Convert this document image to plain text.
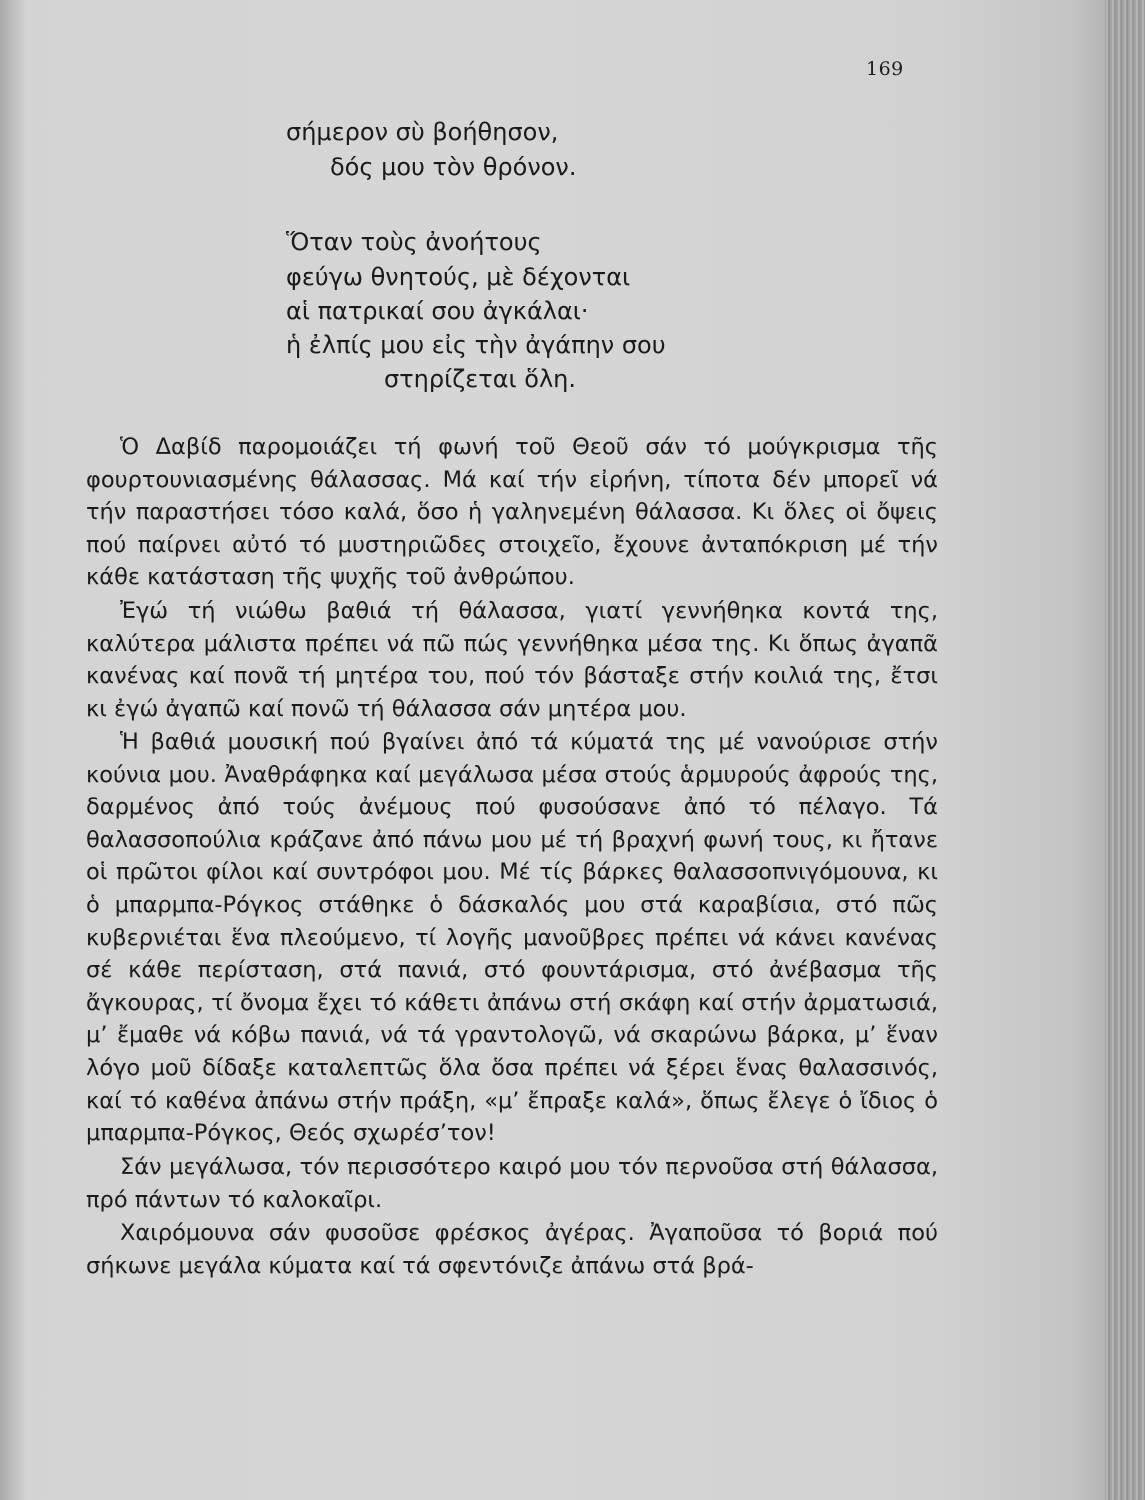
169
σήμερον σὺ βοήθησον,
δός μου τὸν θρόνον.
Ὅταν τοὺς ἀνοήτους
φεύγω θνητούς, μὲ δέχονται
αἱ πατρικαί σου ἀγκάλαι·
ἡ ἐλπίς μου εἰς τὴν ἀγάπην σου
στηρίζεται ὅλη.

Ὁ Δαβίδ παρομοιάζει τή φωνή τοῦ Θεοῦ σάν τό μούγκρισμα τῆς φουρτουνιασμένης θάλασσας. Μά καί τήν εἰρήνη, τίποτα δέν μπορεῖ νά τήν παραστήσει τόσο καλά, ὅσο ἡ γαληνεμένη θάλασσα. Κι ὅλες οἱ ὄψεις πού παίρνει αὐτό τό μυστηριῶδες στοιχεῖο, ἔχουνε ἀνταπόκριση μέ τήν κάθε κατάσταση τῆς ψυχῆς τοῦ ἀνθρώπου.

Ἐγώ τή νιώθω βαθιά τή θάλασσα, γιατί γεννήθηκα κοντά της, καλύτερα μάλιστα πρέπει νά πῶ πώς γεννήθηκα μέσα της. Κι ὅπως ἀγαπᾶ κανένας καί πονᾶ τή μητέρα του, πού τόν βάσταξε στήν κοιλιά της, ἔτσι κι ἐγώ ἀγαπῶ καί πονῶ τή θάλασσα σάν μητέρα μου.

Ἡ βαθιά μουσική πού βγαίνει ἀπό τά κύματά της μέ νανούρισε στήν κούνια μου. Ἀναθράφηκα καί μεγάλωσα μέσα στούς ἁρμυρούς ἀφρούς της, δαρμένος ἀπό τούς ἀνέμους πού φυσούσανε ἀπό τό πέλαγο. Τά θαλασσοπούλια κράζανε ἀπό πάνω μου μέ τή βραχνή φωνή τους, κι ἤτανε οἱ πρῶτοι φίλοι καί συντρόφοι μου. Μέ τίς βάρκες θαλασσοπνιγόμουνα, κι ὁ μπαρμπα-Ρόγκος στάθηκε ὁ δάσκαλός μου στά καραβίσια, στό πῶς κυβερνιέται ἕνα πλεούμενο, τί λογῆς μανοῦβρες πρέπει νά κάνει κανένας σέ κάθε περίσταση, στά πανιά, στό φουντάρισμα, στό ἀνέβασμα τῆς ἄγκουρας, τί ὄνομα ἔχει τό κάθετι ἀπάνω στή σκάφη καί στήν ἀρματωσιά, μ’ ἔμαθε νά κόβω πανιά, νά τά γραντολογῶ, νά σκαρώνω βάρκα, μ’ ἕναν λόγο μοῦ δίδαξε καταλεπτῶς ὅλα ὅσα πρέπει νά ξέρει ἕνας θαλασσινός, καί τό καθένα ἀπάνω στήν πράξη, «μ’ ἔπραξε καλά», ὅπως ἔλεγε ὁ ἴδιος ὁ μπαρμπα-Ρόγκος, Θεός σχωρέσ’τον!

Σάν μεγάλωσα, τόν περισσότερο καιρό μου τόν περνοῦσα στή θάλασσα, πρό πάντων τό καλοκαῖρι.

Χαιρόμουνα σάν φυσοῦσε φρέσκος ἀγέρας. Ἀγαποῦσα τό βοριά πού σήκωνε μεγάλα κύματα καί τά σφεντόνιζε ἀπάνω στά βρά-
